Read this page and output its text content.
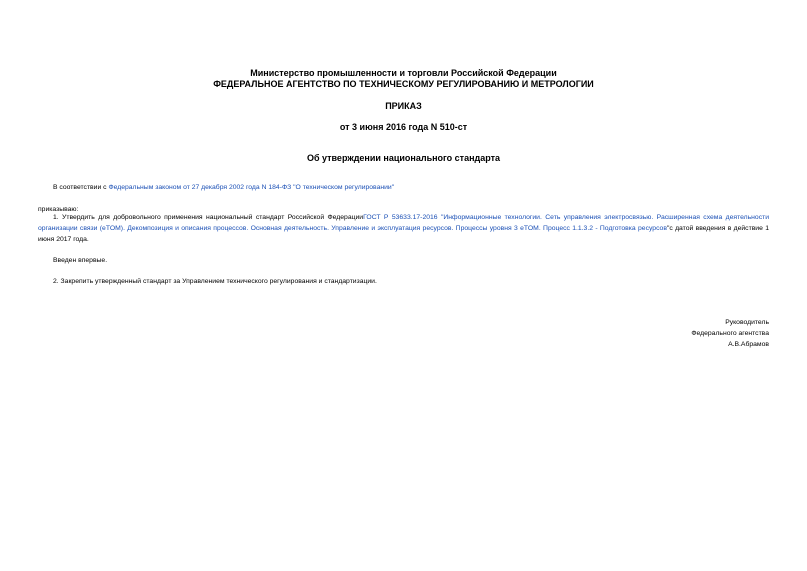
Министерство промышленности и торговли Российской Федерации
ФЕДЕРАЛЬНОЕ АГЕНТСТВО ПО ТЕХНИЧЕСКОМУ РЕГУЛИРОВАНИЮ И МЕТРОЛОГИИ
ПРИКАЗ
от 3 июня 2016 года N 510-ст
Об утверждении национального стандарта
В соответствии с Федеральным законом от 27 декабря 2002 года N 184-ФЗ "О техническом регулировании"
приказываю:
1. Утвердить для добровольного применения национальный стандарт Российской ФедерацииГОСТ Р 53633.17-2016 "Информационные технологии. Сеть управления электросвязью. Расширенная схема деятельности организации связи (eTOM). Декомпозиция и описания процессов. Основная деятельность. Управление и эксплуатация ресурсов. Процессы уровня 3 eTOM. Процесс 1.1.3.2 - Подготовка ресурсов"с датой введения в действие 1 июня 2017 года.
Введен впервые.
2. Закрепить утвержденный стандарт за Управлением технического регулирования и стандартизации.
Руководитель
Федерального агентства
А.В.Абрамов
